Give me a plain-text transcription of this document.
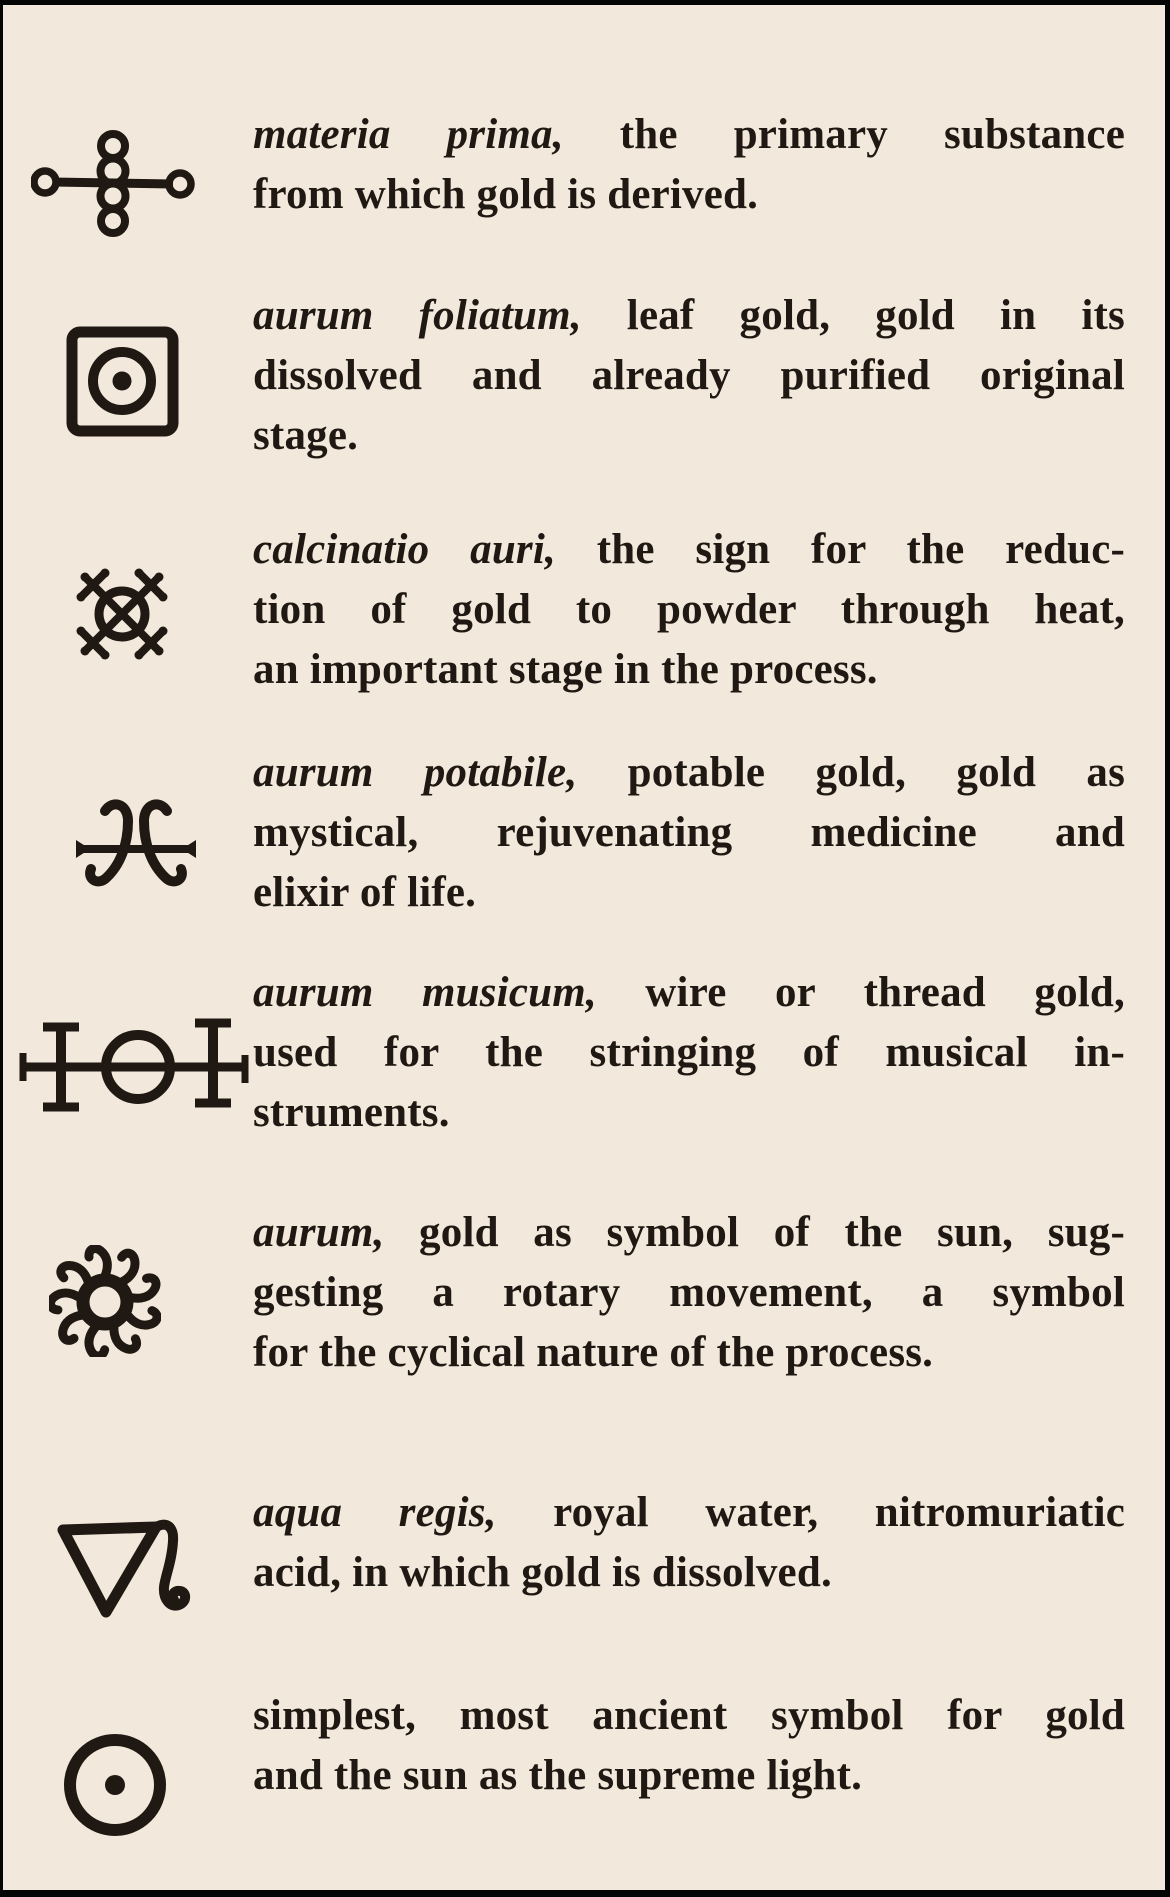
materia prima, the primary substance
from which gold is derived.
aurum foliatum, leaf gold, gold in its
dissolved and already purified original
stage.
calcinatio auri, the sign for the reduc-
tion of gold to powder through heat,
an important stage in the process.
aurum potabile, potable gold, gold as
mystical, rejuvenating medicine and
elixir of life.
aurum musicum, wire or thread gold,
used for the stringing of musical in-
struments.
aurum, gold as symbol of the sun, sug-
gesting a rotary movement, a symbol
for the cyclical nature of the process.
aqua regis, royal water, nitromuriatic
acid, in which gold is dissolved.
simplest, most ancient symbol for gold
and the sun as the supreme light.
